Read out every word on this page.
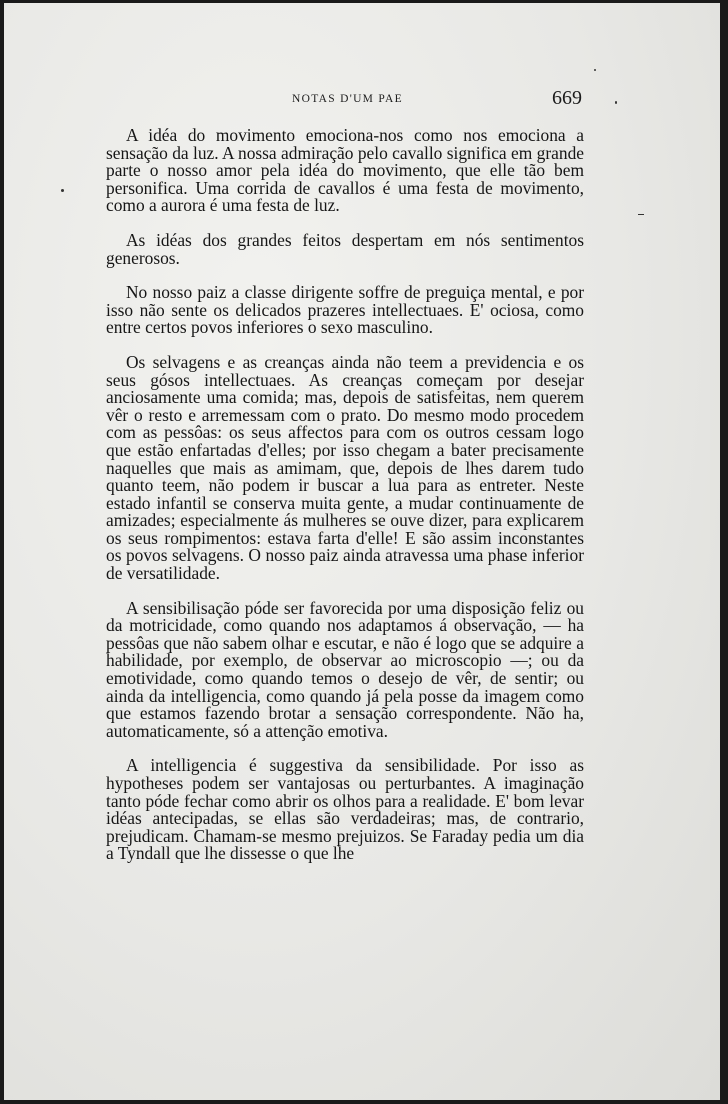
NOTAS D'UM PAE	669

A idéa do movimento emociona-nos como nos emociona a sensação da luz. A nossa admiração pelo cavallo significa em grande parte o nosso amor pela idéa do movimento, que elle tão bem personifica. Uma corrida de cavallos é uma festa de movimento, como a aurora é uma festa de luz.

As idéas dos grandes feitos despertam em nós sentimentos generosos.

No nosso paiz a classe dirigente soffre de preguiça mental, e por isso não sente os delicados prazeres intellectuaes. E' ociosa, como entre certos povos inferiores o sexo masculino.

Os selvagens e as creanças ainda não teem a previdencia e os seus gósos intellectuaes. As creanças começam por desejar anciosamente uma comida; mas, depois de satisfeitas, nem querem vêr o resto e arremessam com o prato. Do mesmo modo procedem com as pessôas: os seus affectos para com os outros cessam logo que estão enfartadas d'elles; por isso chegam a bater precisamente naquelles que mais as amimam, que, depois de lhes darem tudo quanto teem, não podem ir buscar a lua para as entreter. Neste estado infantil se conserva muita gente, a mudar continuamente de amizades; especialmente ás mulheres se ouve dizer, para explicarem os seus rompimentos: estava farta d'elle! E são assim inconstantes os povos selvagens. O nosso paiz ainda atravessa uma phase inferior de versatilidade.

A sensibilisação póde ser favorecida por uma disposição feliz ou da motricidade, como quando nos adaptamos á observação, — ha pessôas que não sabem olhar e escutar, e não é logo que se adquire a habilidade, por exemplo, de observar ao microscopio —; ou da emotividade, como quando temos o desejo de vêr, de sentir; ou ainda da intelligencia, como quando já pela posse da imagem como que estamos fazendo brotar a sensação correspondente. Não ha, automaticamente, só a attenção emotiva.

A intelligencia é suggestiva da sensibilidade. Por isso as hypotheses podem ser vantajosas ou perturbantes. A imaginação tanto póde fechar como abrir os olhos para a realidade. E' bom levar idéas antecipadas, se ellas são verdadeiras; mas, de contrario, prejudicam. Chamam-se mesmo prejuizos. Se Faraday pedia um dia a Tyndall que lhe dissesse o que lhe
